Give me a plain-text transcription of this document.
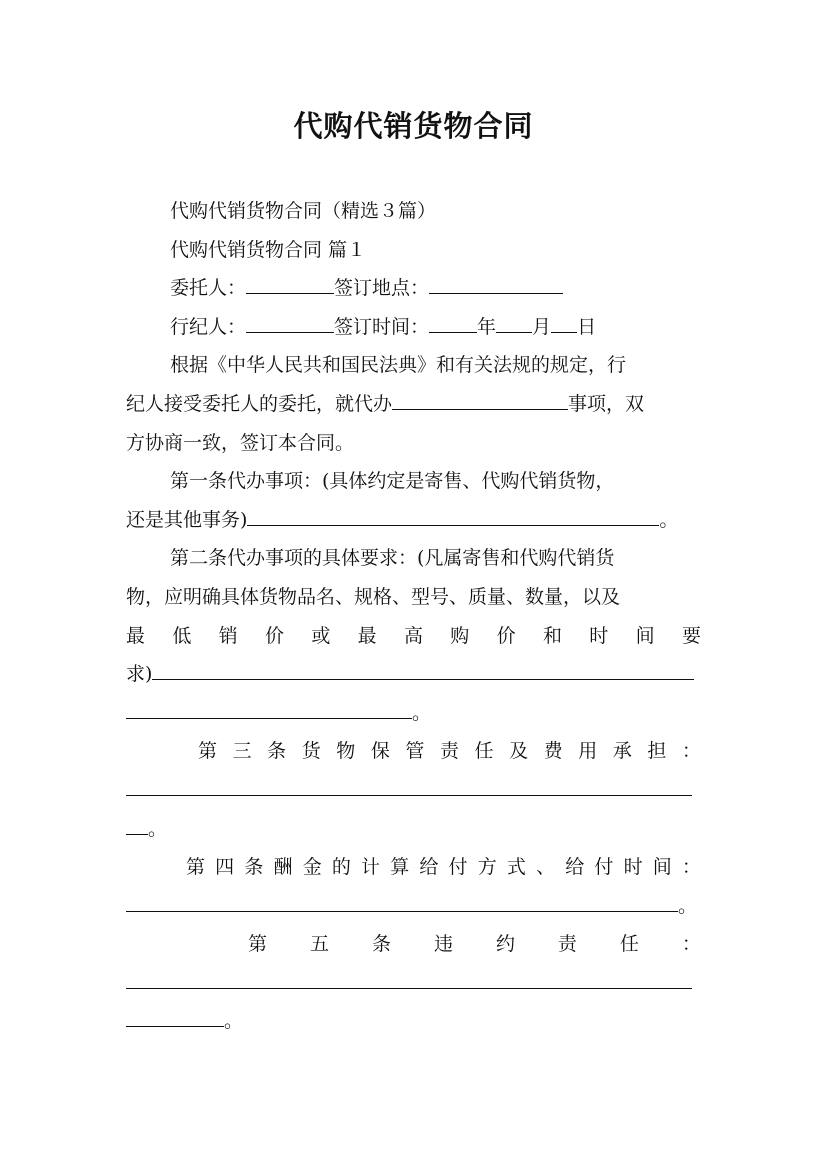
代购代销货物合同
代购代销货物合同（精选３篇）
代购代销货物合同 篇１
委托人：	签订地点：
行纪人：	签订时间：	年 月 日
根据《中华人民共和国民法典》和有关法规的规定，行
纪人接受委托人的委托，就代办	事项，双
方协商一致，签订本合同。
第一条代办事项：(具体约定是寄售、代购代销货物，
还是其他事务)	。
第二条代办事项的具体要求：(凡属寄售和代购代销货
物，应明确具体货物品名、规格、型号、质量、数量，以及
最 低 销 价 或 最 高 购 价 和 时 间 要
求)
。
第 三 条 货 物 保 管 责 任 及 费 用 承 担 ：
。
第 四 条 酬 金 的 计 算 给 付 方 式 、 给 付 时 间 ：
。
第 五 条 违 约 责 任 ：
。
